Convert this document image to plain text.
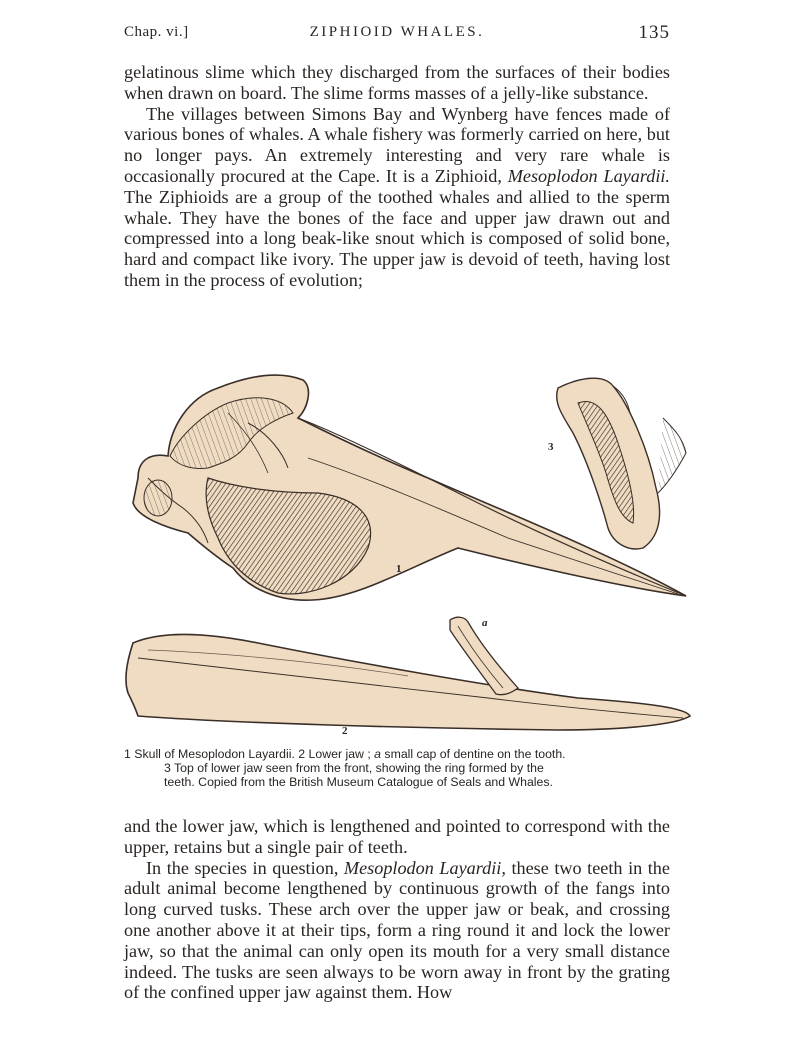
Chap. vi.]	ZIPHIOID WHALES.	135

gelatinous slime which they discharged from the surfaces of their bodies when drawn on board. The slime forms masses of a jelly-like substance.

The villages between Simons Bay and Wynberg have fences made of various bones of whales. A whale fishery was formerly carried on here, but no longer pays. An extremely interesting and very rare whale is occasionally procured at the Cape. It is a Ziphioid, Mesoplodon Layardii. The Ziphioids are a group of the toothed whales and allied to the sperm whale. They have the bones of the face and upper jaw drawn out and compressed into a long beak-like snout which is composed of solid bone, hard and compact like ivory. The upper jaw is devoid of teeth, having lost them in the process of evolution;

1
3
a
2
1 Skull of Mesoplodon Layardii. 2 Lower jaw ; a small cap of dentine on the tooth.
3 Top of lower jaw seen from the front, showing the ring formed by the
teeth. Copied from the British Museum Catalogue of Seals and Whales.

and the lower jaw, which is lengthened and pointed to correspond with the upper, retains but a single pair of teeth.

In the species in question, Mesoplodon Layardii, these two teeth in the adult animal become lengthened by continuous growth of the fangs into long curved tusks. These arch over the upper jaw or beak, and crossing one another above it at their tips, form a ring round it and lock the lower jaw, so that the animal can only open its mouth for a very small distance indeed. The tusks are seen always to be worn away in front by the grating of the confined upper jaw against them. How
